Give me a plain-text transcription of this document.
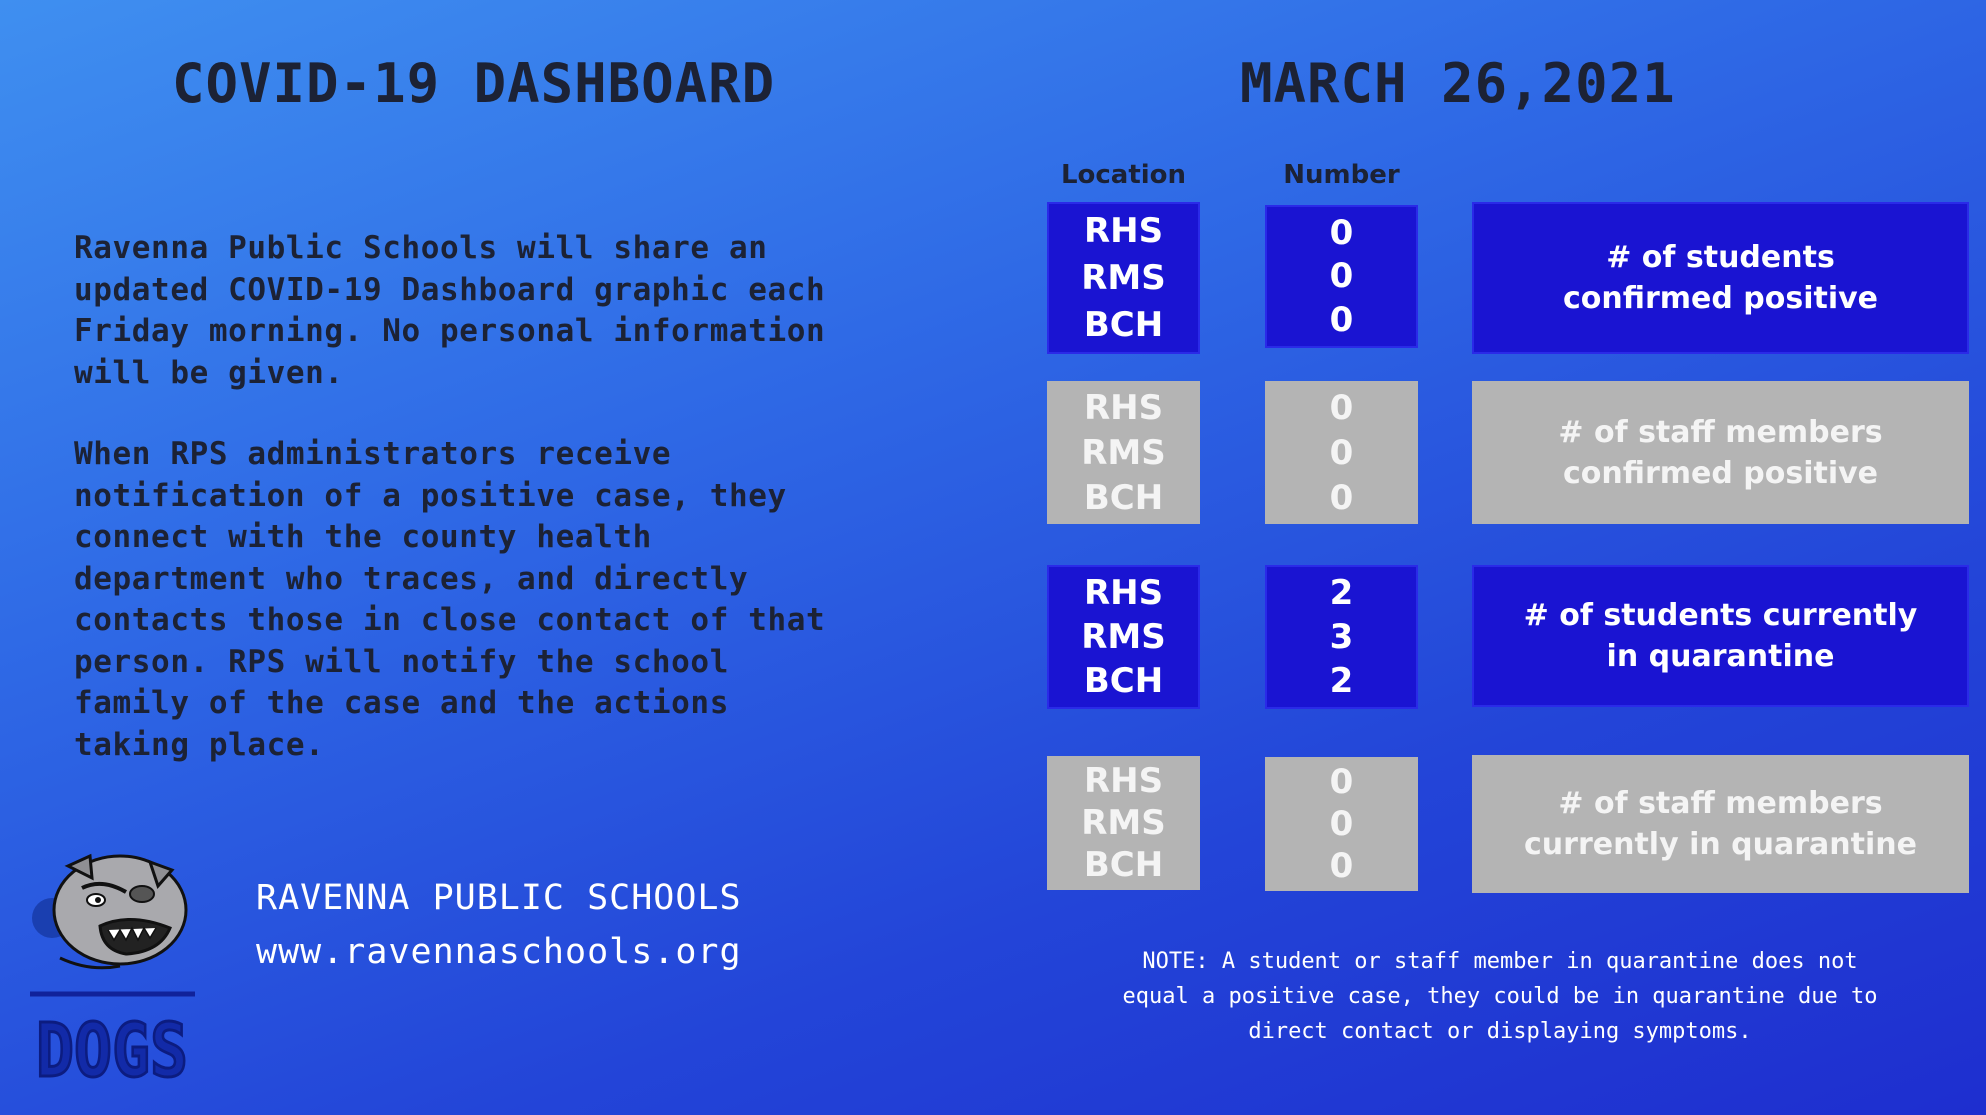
COVID-19 DASHBOARD	MARCH 26,2021

Ravenna Public Schools will share an
updated COVID-19 Dashboard graphic each
Friday morning. No personal information
will be given.

When RPS administrators receive
notification of a positive case, they
connect with the county health
department who traces, and directly
contacts those in close contact of that
person. RPS will notify the school
family of the case and the actions
taking place.

Location	Number
RHS
RMS
BCH
0
0
0
# of students
confirmed positive
RHS
RMS
BCH
0
0
0
# of staff members
confirmed positive
RHS
RMS
BCH
2
3
2
# of students currently
in quarantine
RHS
RMS
BCH
0
0
0
# of staff members
currently in quarantine
NOTE: A student or staff member in quarantine does not
equal a positive case, they could be in quarantine due to
direct contact or displaying symptoms.
DOGS
RAVENNA PUBLIC SCHOOLS
www.ravennaschools.org
